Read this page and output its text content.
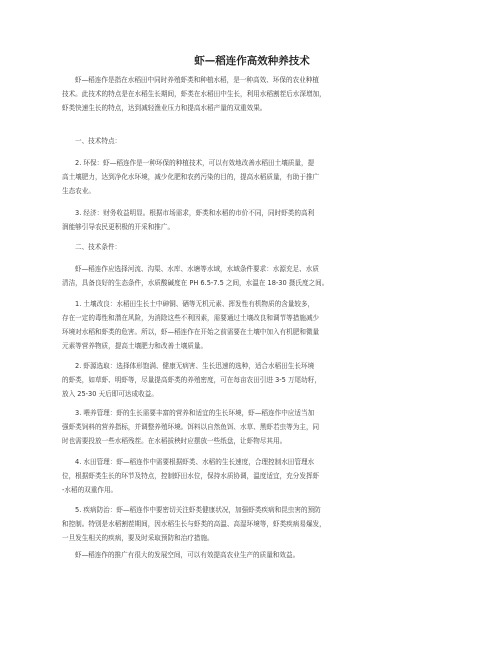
虾—稻连作高效种养技术
虾—稻连作是指在水稻田中同时养殖虾类和种植水稻，是一种高效、环保的农业种植
技术。此技术的特点是在水稻生长期间，虾类在水稻田中生长，利用水稻割茬后水深增加，
虾类快速生长的特点，达到减轻渔业压力和提高水稻产量的双重效果。
一、技术特点：
2. 环保：虾—稻连作是一种环保的种植技术，可以有效地改善水稻田土壤质量，提
高土壤肥力，达到净化水环境，减少化肥和农药污染的目的，提高水稻质量，有助于推广
生态农业。
3. 经济：财务收益明显。根据市场需求，虾类和水稻的市价不同，同时虾类的高利
润能够引导农民更积极的开采和推广。
二、技术条件：
虾—稻连作应选择河流、沟渠、水库、水塘等水域，水域条件要求：水源充足、水质
清洁，具备良好的生态条件，水质酸碱度在 PH 6.5-7.5 之间，水温在 18-30 摄氏度之间。
1. 土壤改良：水稻田生长土中砷铜、硒等无机元素、挥发性有机物质的含量较多，
存在一定的毒性和潜在风险，为消除这些不利因素，需要通过土壤改良和调节等措施减少
环境对水稻和虾类的危害。所以，虾—稻连作在开始之前需要在土壤中加入有机肥和微量
元素等营养物质，提高土壤肥力和改善土壤质量。
2. 虾源选取：选择体形饱满、健康无病害、生长迅速的选种，适合水稻田生长环境
的虾类，如草虾、明虾等，尽量提高虾类的养殖密度，可在每亩农田引进 3-5 万尾幼籽，
放入 25-30 天后即可达成收益。
3. 喂养管理：虾的生长需要丰富的营养和适宜的生长环境，虾—稻连作中应适当加
强虾类饲料的营养指标，并调整养殖环境。饵料以自然鱼饵、水草、黑虾若虫等为主，同
时也需要投放一些水稻残茬。在水稻拔秧时应摆放一些纸盘，让虾物尽其用。
4. 水田管理：虾—稻连作中需要根据虾类、水稻的生长速度，合理控制水田管理水
位，根据虾类生长的环节及特点，控制虾田水位，保持水质协调，温度适宜，充分发挥虾
-水稻的双重作用。
5. 疾病防治：虾—稻连作中要密切关注虾类健康状况，加强虾类疾病和昆虫害的预防
和控制。特别是水稻割茬期间，因水稻生长与虾类的高温、高湿环境等，虾类疾病易爆发，
一旦发生相关的疾病，要及时采取预防和治疗措施。
虾—稻连作的推广有很大的发展空间，可以有效提高农业生产的质量和效益。
